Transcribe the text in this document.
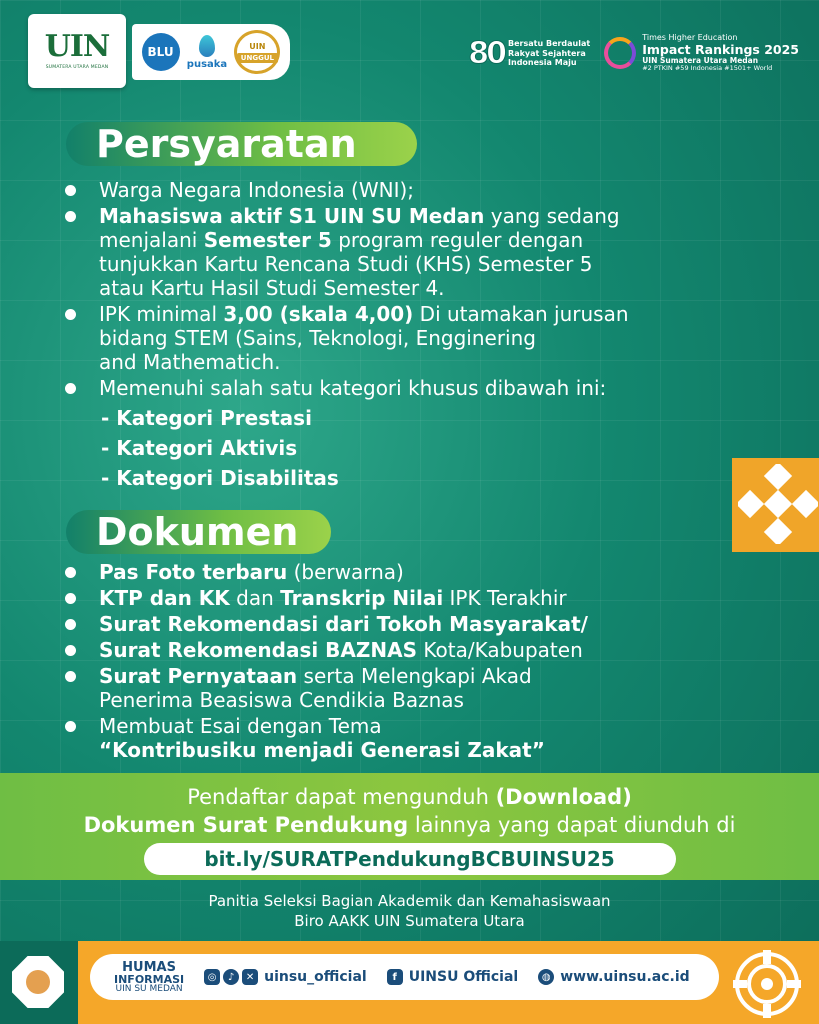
UIN
SUMATERA UTARA MEDAN
BLU
pusaka
UIN
UNGGUL	80 Bersatu Berdaulat
Rakyat Sejahtera
Indonesia Maju
Times Higher Education
Impact Rankings 2025
UIN Sumatera Utara Medan
#2 PTKIN #59 Indonesia #1501+ World
Persyaratan
Warga Negara Indonesia (WNI);
Mahasiswa aktif S1 UIN SU Medan yang sedang
menjalani Semester 5 program reguler dengan
tunjukkan Kartu Rencana Studi (KHS) Semester 5
atau Kartu Hasil Studi Semester 4.
IPK minimal 3,00 (skala 4,00) Di utamakan jurusan
bidang STEM (Sains, Teknologi, Engginering
and Mathematich.
Memenuhi salah satu kategori khusus dibawah ini:
- Kategori Prestasi
- Kategori Aktivis
- Kategori Disabilitas
Dokumen
Pas Foto terbaru (berwarna)
KTP dan KK dan Transkrip Nilai IPK Terakhir
Surat Rekomendasi dari Tokoh Masyarakat/
Surat Rekomendasi BAZNAS Kota/Kabupaten
Surat Pernyataan serta Melengkapi Akad
Penerima Beasiswa Cendikia Baznas
Membuat Esai dengan Tema
“Kontribusiku menjadi Generasi Zakat”
Pendaftar dapat mengunduh (Download)
Dokumen Surat Pendukung lainnya yang dapat diunduh di
bit.ly/SURATPendukungBCBUINSU25
Panitia Seleksi Bagian Akademik dan Kemahasiswaan
Biro AAKK UIN Sumatera Utara
HUMAS
INFORMASI
UIN SU MEDAN
◎	♪	✕ uinsu_official	f UINSU Official	◍ www.uinsu.ac.id
